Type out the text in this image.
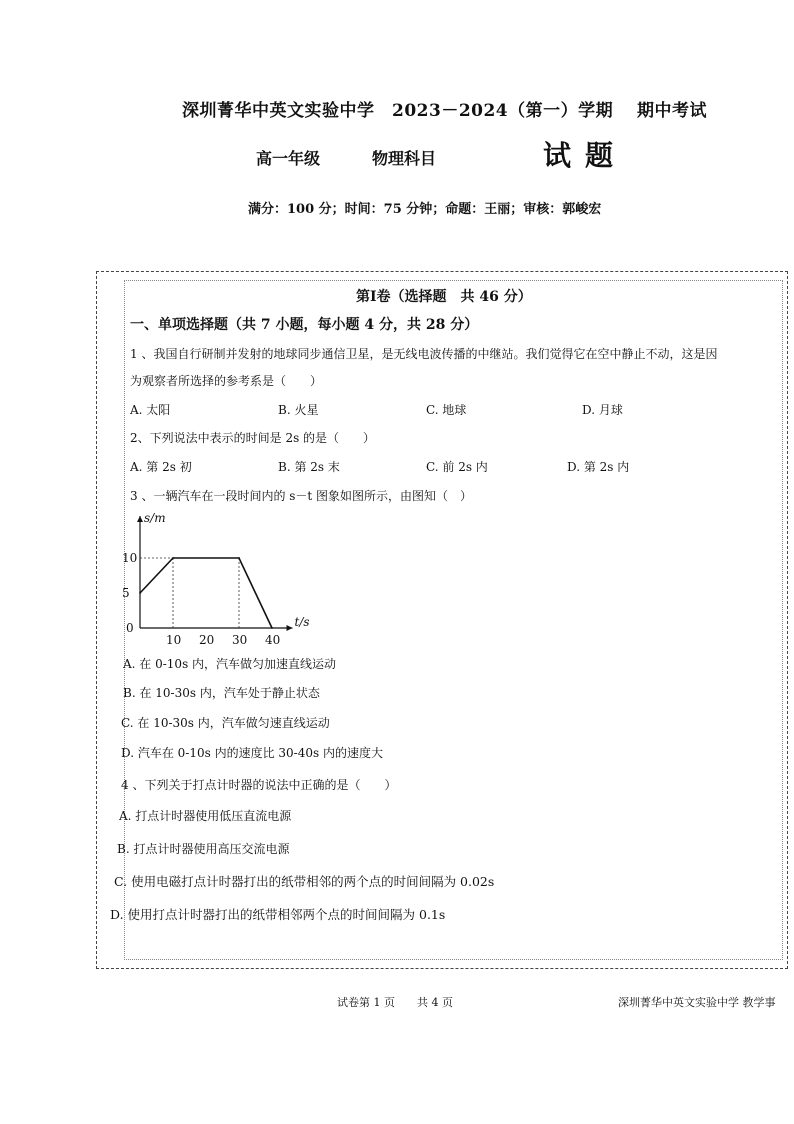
深圳菁华中英文实验中学　2023－2024（第一）学期　 期中考试
高一年级	物理科目	试题
满分：100 分；时间：75 分钟；命题：王丽；审核：郭峻宏
第Ⅰ卷（选择题　共 46 分）
一、单项选择题（共 7 小题，每小题 4 分，共 28 分）
1 、我国自行研制并发射的地球同步通信卫星，是无线电波传播的中继站。我们觉得它在空中静止不动，这是因
为观察者所选择的参考系是（　　）
A. 太阳	B. 火星	C. 地球	D. 月球
2、下列说法中表示的时间是 2s 的是（　　）
A. 第 2s 初	B. 第 2s 末	C. 前 2s 内	D. 第 2s 内
3 、一辆汽车在一段时间内的 s－t 图象如图所示，由图知（　）
s/m
t/s
0
10
5
10 20 30 40
A. 在 0-10s 内，汽车做匀加速直线运动
B. 在 10-30s 内，汽车处于静止状态
C. 在 10-30s 内，汽车做匀速直线运动
D. 汽车在 0-10s 内的速度比 30-40s 内的速度大
4 、下列关于打点计时器的说法中正确的是（　　）
A. 打点计时器使用低压直流电源
B. 打点计时器使用高压交流电源
C. 使用电磁打点计时器打出的纸带相邻的两个点的时间间隔为 0.02s
D. 使用打点计时器打出的纸带相邻两个点的时间间隔为 0.1s
试卷第 1 页　　共 4 页	深圳菁华中英文实验中学 教学事
